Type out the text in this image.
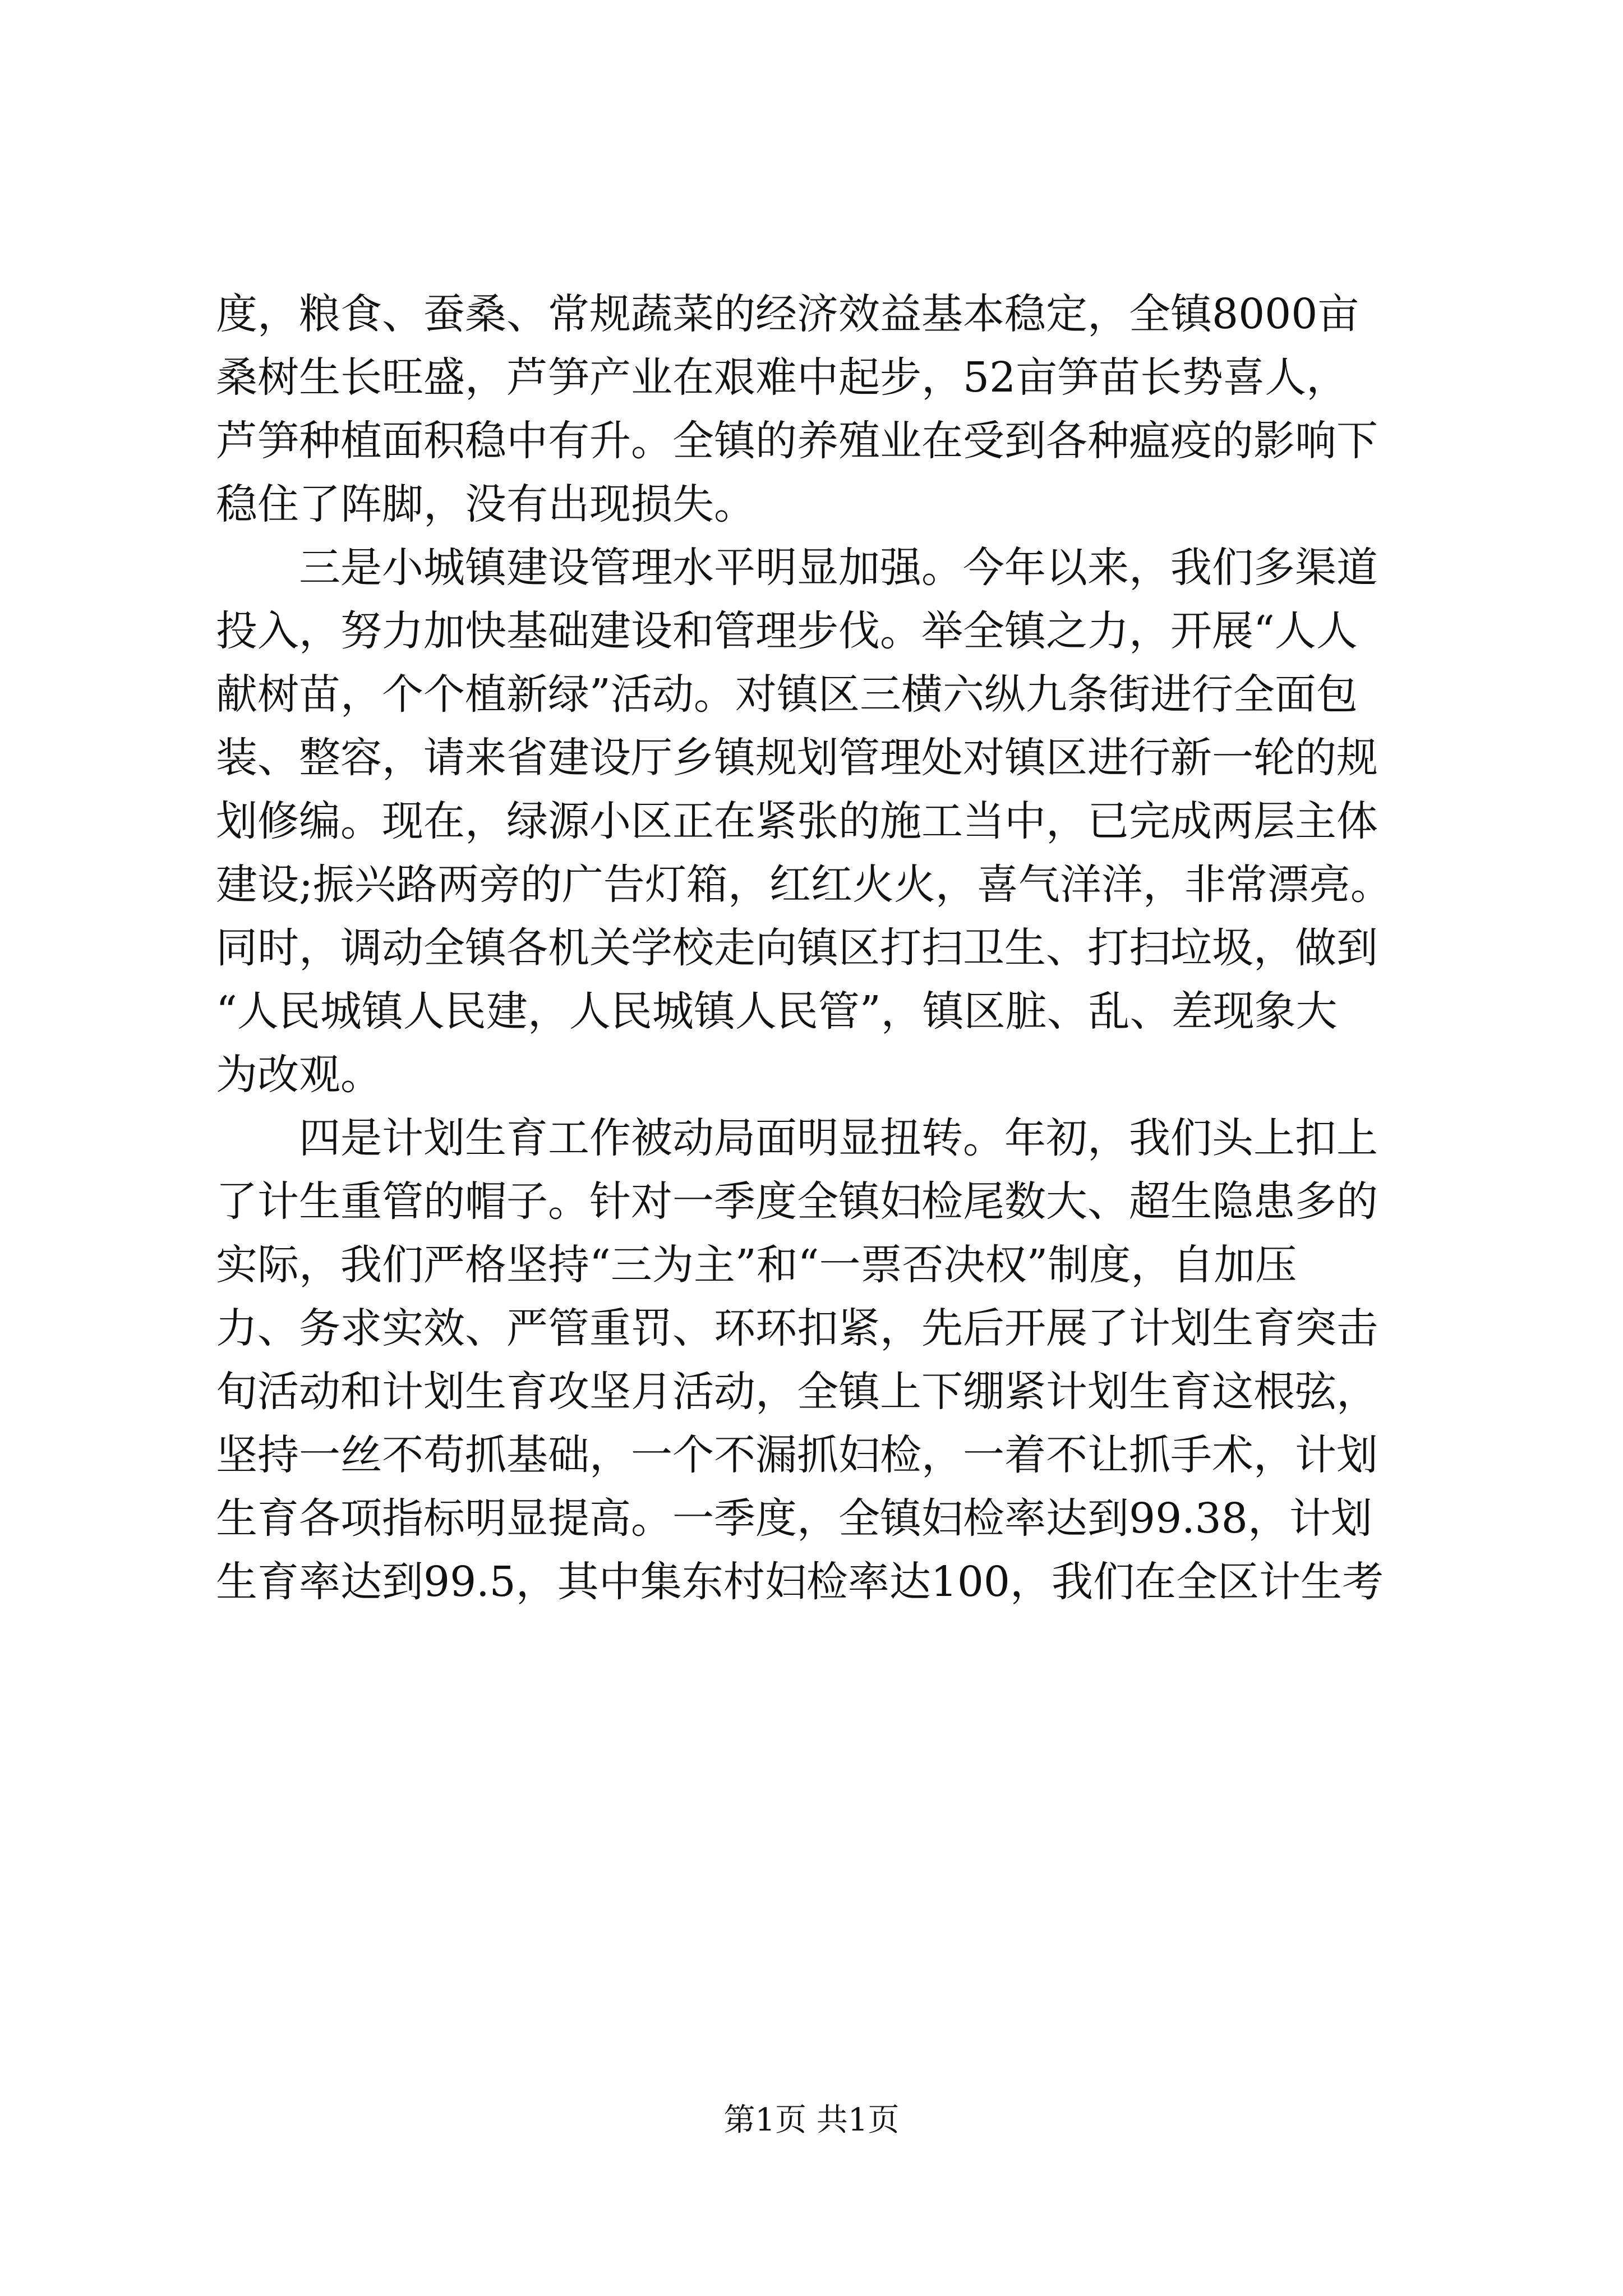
度，粮食、蚕桑、常规蔬菜的经济效益基本稳定，全镇8000亩
桑树生长旺盛，芦笋产业在艰难中起步，52亩笋苗长势喜人，
芦笋种植面积稳中有升。全镇的养殖业在受到各种瘟疫的影响下
稳住了阵脚，没有出现损失。
　　三是小城镇建设管理水平明显加强。今年以来，我们多渠道
投入，努力加快基础建设和管理步伐。举全镇之力，开展“人人
献树苗，个个植新绿”活动。对镇区三横六纵九条街进行全面包
装、整容，请来省建设厅乡镇规划管理处对镇区进行新一轮的规
划修编。现在，绿源小区正在紧张的施工当中，已完成两层主体
建设;振兴路两旁的广告灯箱，红红火火，喜气洋洋，非常漂亮。
同时，调动全镇各机关学校走向镇区打扫卫生、打扫垃圾，做到
“人民城镇人民建，人民城镇人民管”，镇区脏、乱、差现象大
为改观。
　　四是计划生育工作被动局面明显扭转。年初，我们头上扣上
了计生重管的帽子。针对一季度全镇妇检尾数大、超生隐患多的
实际，我们严格坚持“三为主”和“一票否决权”制度，自加压
力、务求实效、严管重罚、环环扣紧，先后开展了计划生育突击
旬活动和计划生育攻坚月活动，全镇上下绷紧计划生育这根弦，
坚持一丝不苟抓基础，一个不漏抓妇检，一着不让抓手术，计划
生育各项指标明显提高。一季度，全镇妇检率达到99.38，计划
生育率达到99.5，其中集东村妇检率达100，我们在全区计生考
第1页 共1页
